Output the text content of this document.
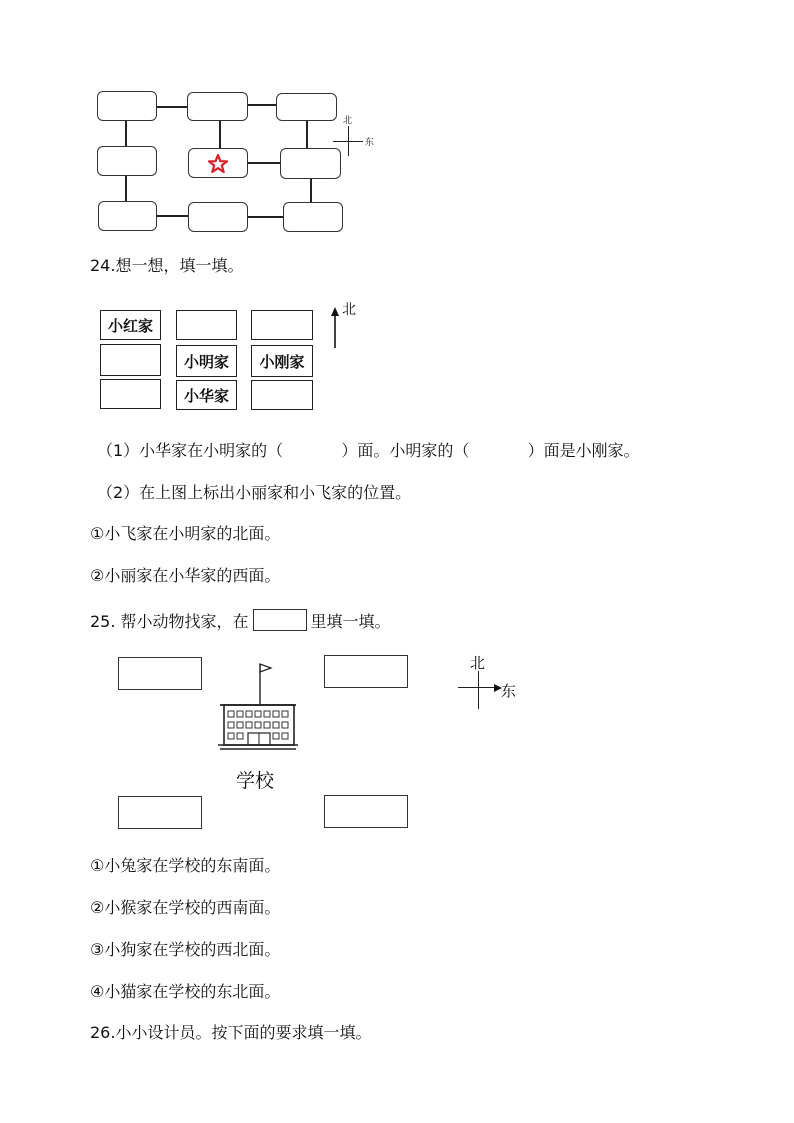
北
东
24.想一想，填一填。
小红家
小明家	小刚家
小华家
北
（1）小华家在小明家的（	）面。小明家的（	）面是小刚家。
（2）在上图上标出小丽家和小飞家的位置。
①小飞家在小明家的北面。
②小丽家在小华家的西面。
25. 帮小动物找家，在	里填一填。
学校
北
东
①小兔家在学校的东南面。
②小猴家在学校的西南面。
③小狗家在学校的西北面。
④小猫家在学校的东北面。
26.小小设计员。按下面的要求填一填。
